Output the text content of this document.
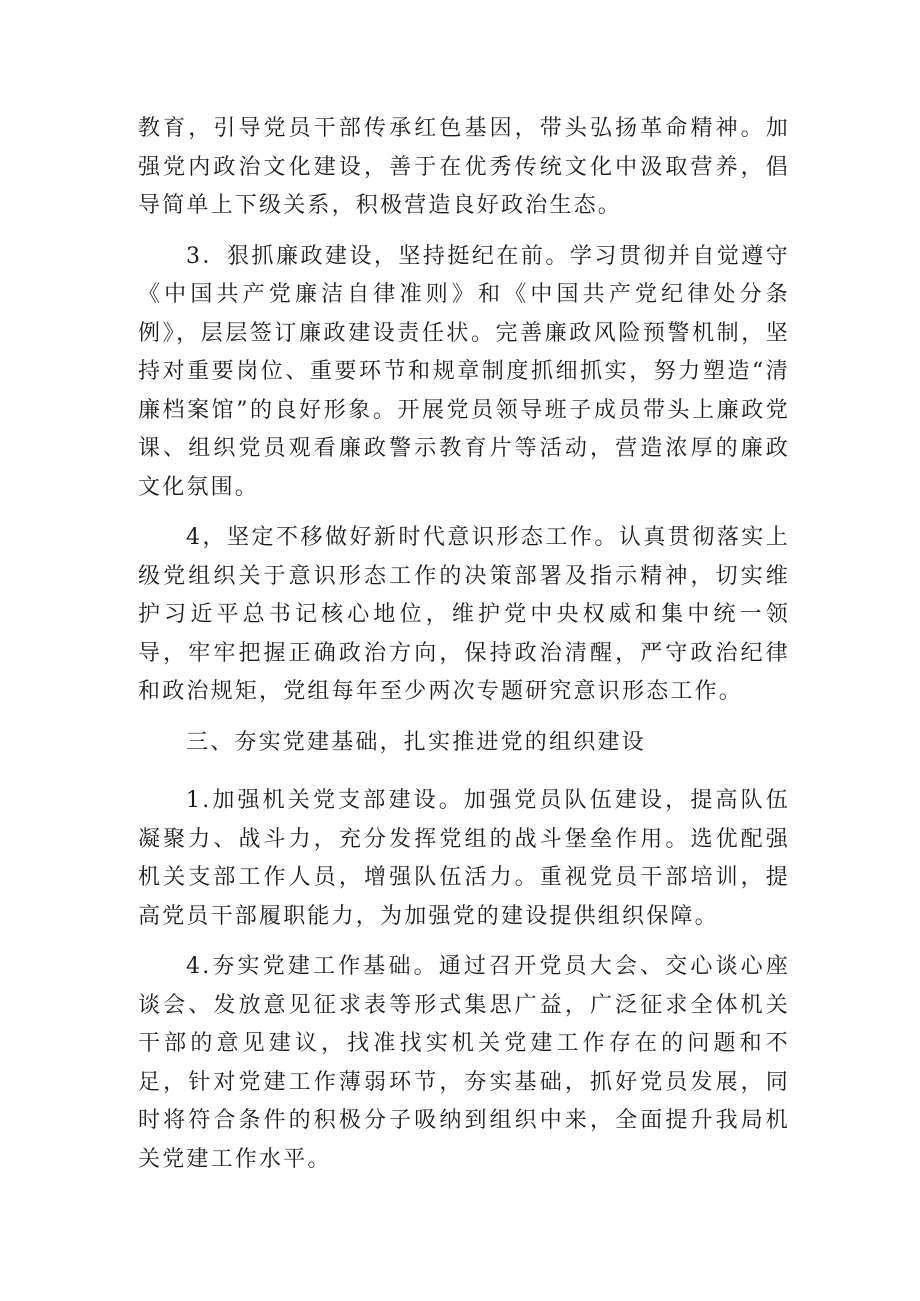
教育，引导党员干部传承红色基因，带头弘扬革命精神。加强党内政治文化建设，善于在优秀传统文化中汲取营养，倡导简单上下级关系，积极营造良好政治生态。

3．狠抓廉政建设，坚持挺纪在前。学习贯彻并自觉遵守《中国共产党廉洁自律准则》和《中国共产党纪律处分条例》，层层签订廉政建设责任状。完善廉政风险预警机制，坚持对重要岗位、重要环节和规章制度抓细抓实，努力塑造“清廉档案馆”的良好形象。开展党员领导班子成员带头上廉政党课、组织党员观看廉政警示教育片等活动，营造浓厚的廉政文化氛围。

4，坚定不移做好新时代意识形态工作。认真贯彻落实上级党组织关于意识形态工作的决策部署及指示精神，切实维护习近平总书记核心地位，维护党中央权威和集中统一领导，牢牢把握正确政治方向，保持政治清醒，严守政治纪律和政治规矩，党组每年至少两次专题研究意识形态工作。

三、夯实党建基础，扎实推进党的组织建设

1.加强机关党支部建设。加强党员队伍建设，提高队伍凝聚力、战斗力，充分发挥党组的战斗堡垒作用。选优配强机关支部工作人员，增强队伍活力。重视党员干部培训，提高党员干部履职能力，为加强党的建设提供组织保障。

4.夯实党建工作基础。通过召开党员大会、交心谈心座谈会、发放意见征求表等形式集思广益，广泛征求全体机关干部的意见建议，找准找实机关党建工作存在的问题和不足，针对党建工作薄弱环节，夯实基础，抓好党员发展，同时将符合条件的积极分子吸纳到组织中来，全面提升我局机关党建工作水平。
